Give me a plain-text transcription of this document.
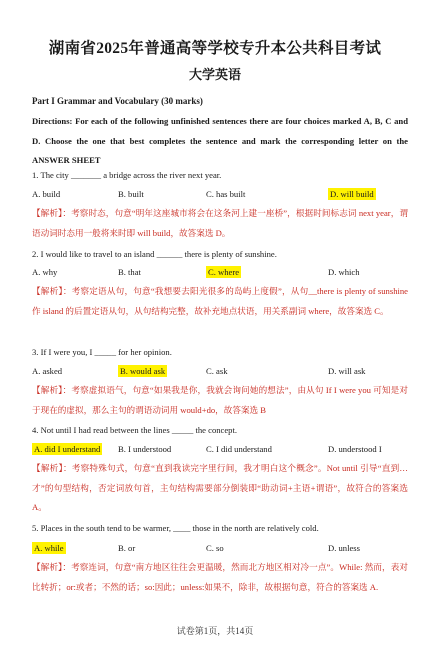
湖南省2025年普通高等学校专升本公共科目考试
大学英语
Part I Grammar and Vocabulary (30 marks)
Directions: For each of the following unfinished sentences there are four choices marked A, B, C and D. Choose the one that best completes the sentence and mark the corresponding letter on the ANSWER SHEET
1. The city _______ a bridge across the river next year.
A. build	B. built	C. has built	D. will build
【解析】：考察时态，句意“明年这座城市将会在这条河上建一座桥”，根据时间标志词 next year，谓语动词时态用一般将来时即 will build，故答案选 D。
2. I would like to travel to an island ______ there is plenty of sunshine.
A. why	B. that	C. where	D. which
【解析】：考察定语从句，句意“我想要去阳光很多的岛屿上度假”，从句__there is plenty of sunshine 作 island 的后置定语从句，从句结构完整，故补充地点状语，用关系副词 where，故答案选 C。
3. If I were you, I _____ for her opinion.
A. asked	B. would ask	C. ask	D. will ask
【解析】：考察虚拟语气，句意“如果我是你，我就会询问她的想法”，由从句 If I were you 可知是对于现在的虚拟，那么主句的谓语动词用 would+do，故答案选 B
4. Not until I had read between the lines _____ the concept.
A. did I understand B. I understood	C. I did understand	D. understood I
【解析】：考察特殊句式，句意“直到我读完字里行间，我才明白这个概念”。Not until 引导“直到…才”的句型结构，否定词放句首，主句结构需要部分倒装即“助动词+主语+谓语”，故符合的答案选 A。
5. Places in the south tend to be warmer, ____ those in the north are relatively cold.
A. while	B. or	C. so	D. unless
【解析】：考察连词，句意“南方地区往往会更温暖，然而北方地区相对冷一点”。While: 然而，表对比转折；or:或者；不然的话；so:因此；unless:如果不，除非，故根据句意，符合的答案选 A.
试卷第1页，共14页
